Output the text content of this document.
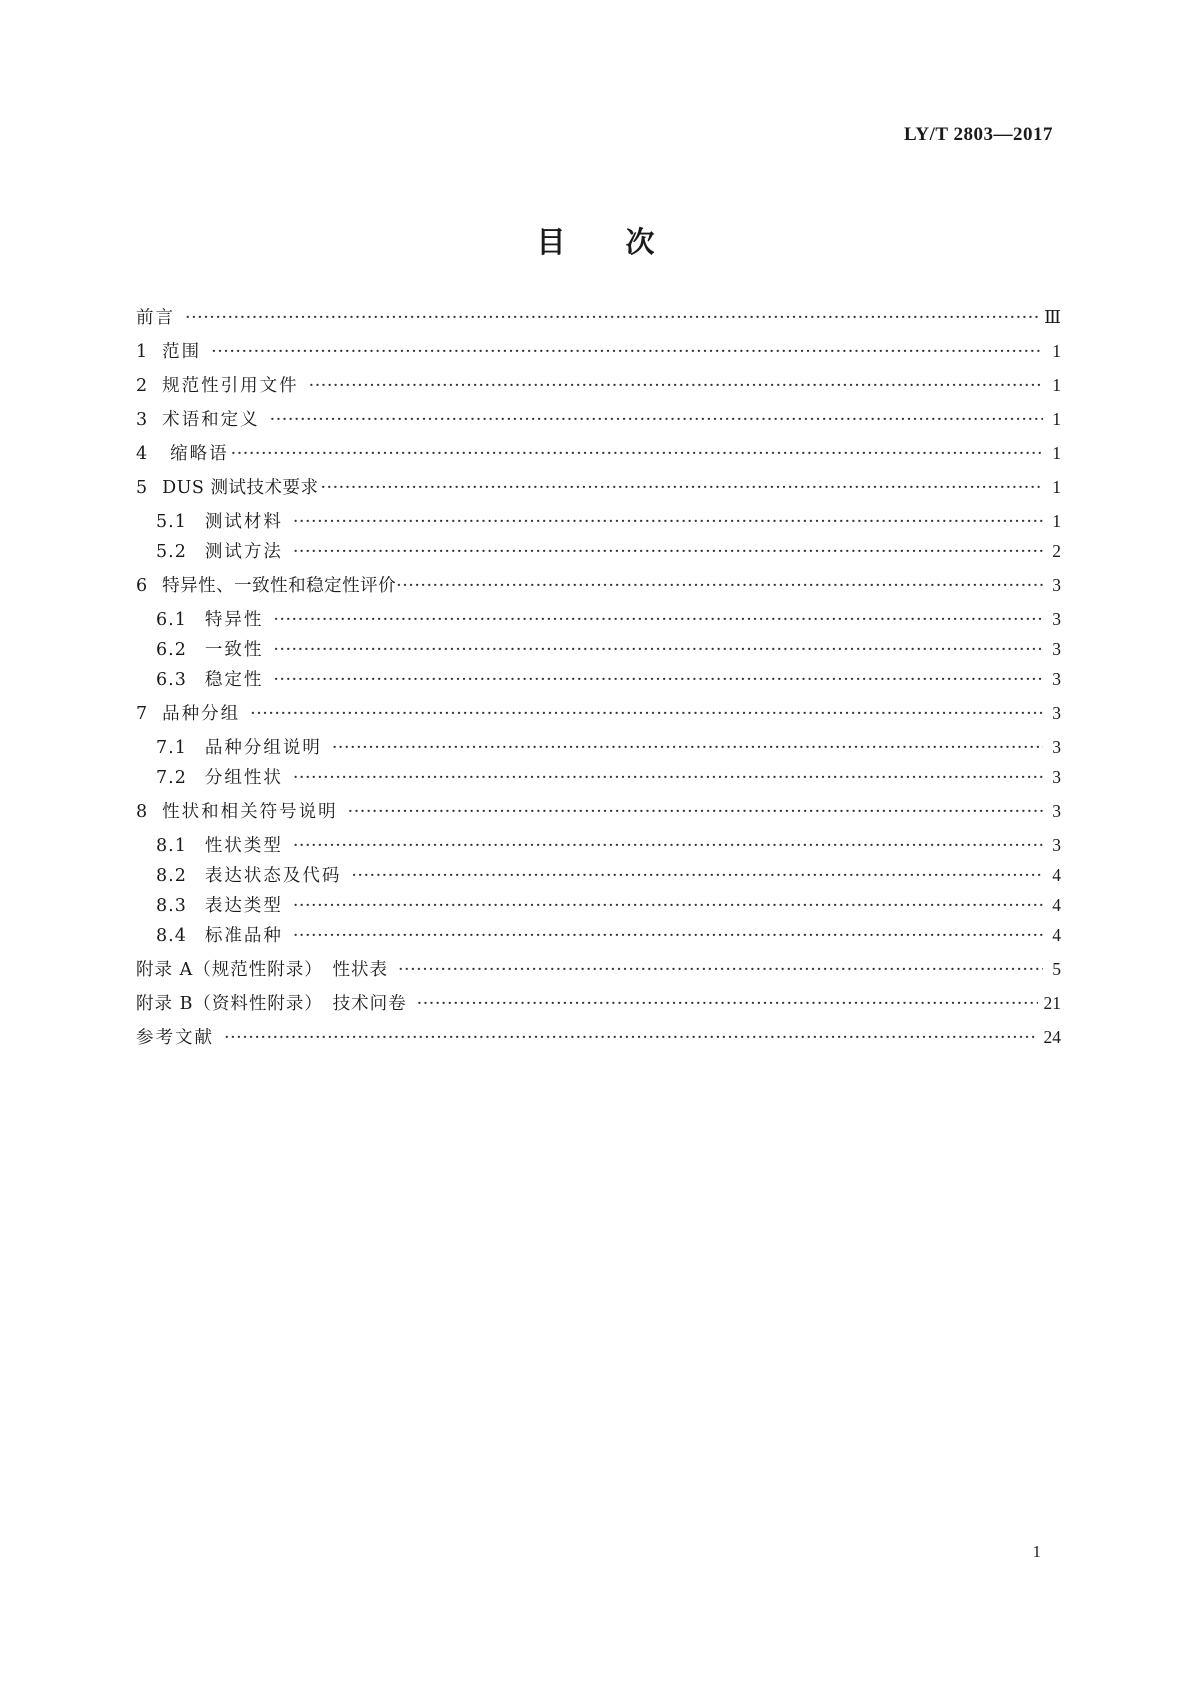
LY/T 2803—2017
目 次
前言 ·····	Ⅲ
1 范围 ·····	1
2 规范性引用文件 ·····	1
3 术语和定义 ·····	1
4 缩略语 ·····	1
5 DUS 测试技术要求 ·····	1
5.1 测试材料 ·····	1
5.2 测试方法 ·····	2
6 特异性、一致性和稳定性评价 ·····	3
6.1 特异性 ·····	3
6.2 一致性 ·····	3
6.3 稳定性 ·····	3
7 品种分组 ·····	3
7.1 品种分组说明 ·····	3
7.2 分组性状 ·····	3
8 性状和相关符号说明 ·····	3
8.1 性状类型 ·····	3
8.2 表达状态及代码 ·····	4
8.3 表达类型 ·····	4
8.4 标准品种 ·····	4
附录 A（规范性附录）　性状表 ·····	5
附录 B（资料性附录）　技术问卷 ·····	21
参考文献 ·····	24
1
